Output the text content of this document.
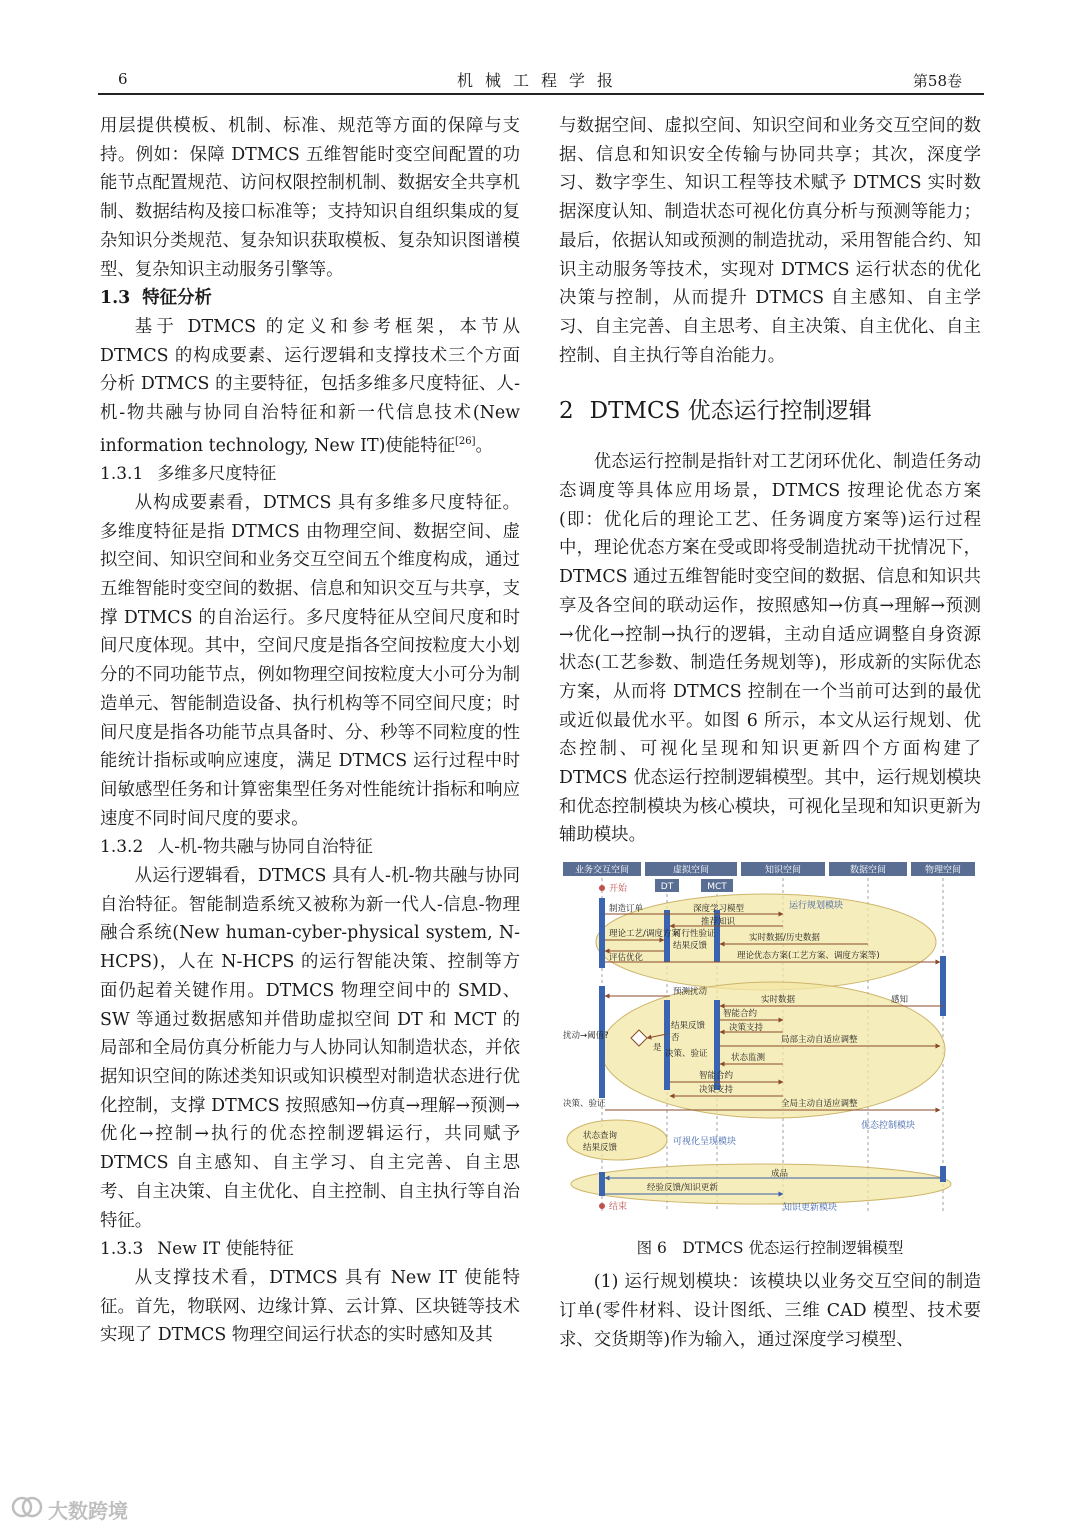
6	机械工程学报	第58卷

用层提供模板、机制、标准、规范等方面的保障与支持。例如：保障 DTMCS 五维智能时变空间配置的功能节点配置规范、访问权限控制机制、数据安全共享机制、数据结构及接口标准等；支持知识自组织集成的复杂知识分类规范、复杂知识获取模板、复杂知识图谱模型、复杂知识主动服务引擎等。

1.3 特征分析

基于 DTMCS 的定义和参考框架，本节从 DTMCS 的构成要素、运行逻辑和支撑技术三个方面分析 DTMCS 的主要特征，包括多维多尺度特征、人-机-物共融与协同自治特征和新一代信息技术(New information technology, New IT)使能特征[26]。

1.3.1 多维多尺度特征

从构成要素看，DTMCS 具有多维多尺度特征。多维度特征是指 DTMCS 由物理空间、数据空间、虚拟空间、知识空间和业务交互空间五个维度构成，通过五维智能时变空间的数据、信息和知识交互与共享，支撑 DTMCS 的自治运行。多尺度特征从空间尺度和时间尺度体现。其中，空间尺度是指各空间按粒度大小划分的不同功能节点，例如物理空间按粒度大小可分为制造单元、智能制造设备、执行机构等不同空间尺度；时间尺度是指各功能节点具备时、分、秒等不同粒度的性能统计指标或响应速度，满足 DTMCS 运行过程中时间敏感型任务和计算密集型任务对性能统计指标和响应速度不同时间尺度的要求。

1.3.2 人-机-物共融与协同自治特征

从运行逻辑看，DTMCS 具有人-机-物共融与协同自治特征。智能制造系统又被称为新一代人-信息-物理融合系统(New human-cyber-physical system, N-HCPS)，人在 N-HCPS 的运行智能决策、控制等方面仍起着关键作用。DTMCS 物理空间中的 SMD、SW 等通过数据感知并借助虚拟空间 DT 和 MCT 的局部和全局仿真分析能力与人协同认知制造状态，并依据知识空间的陈述类知识或知识模型对制造状态进行优化控制，支撑 DTMCS 按照感知→仿真→理解→预测→优化→控制→执行的优态控制逻辑运行，共同赋予 DTMCS 自主感知、自主学习、自主完善、自主思考、自主决策、自主优化、自主控制、自主执行等自治特征。

1.3.3 New IT 使能特征

从支撑技术看，DTMCS 具有 New IT 使能特征。首先，物联网、边缘计算、云计算、区块链等技术实现了 DTMCS 物理空间运行状态的实时感知及其

与数据空间、虚拟空间、知识空间和业务交互空间的数据、信息和知识安全传输与协同共享；其次，深度学习、数字孪生、知识工程等技术赋予 DTMCS 实时数据深度认知、制造状态可视化仿真分析与预测等能力；最后，依据认知或预测的制造扰动，采用智能合约、知识主动服务等技术，实现对 DTMCS 运行状态的优化决策与控制，从而提升 DTMCS 自主感知、自主学习、自主完善、自主思考、自主决策、自主优化、自主控制、自主执行等自治能力。

2 DTMCS 优态运行控制逻辑

优态运行控制是指针对工艺闭环优化、制造任务动态调度等具体应用场景，DTMCS 按理论优态方案(即：优化后的理论工艺、任务调度方案等)运行过程中，理论优态方案在受或即将受制造扰动干扰情况下，DTMCS 通过五维智能时变空间的数据、信息和知识共享及各空间的联动运作，按照感知→仿真→理解→预测→优化→控制→执行的逻辑，主动自适应调整自身资源状态(工艺参数、制造任务规划等)，形成新的实际优态方案，从而将 DTMCS 控制在一个当前可达到的最优或近似最优水平。如图 6 所示，本文从运行规划、优态控制、可视化呈现和知识更新四个方面构建了 DTMCS 优态运行控制逻辑模型。其中，运行规划模块和优态控制模块为核心模块，可视化呈现和知识更新为辅助模块。

业务交互空间	虚拟空间	知识空间	数据空间	物理空间
DT	MCT
开始
结束
制造订单	深度学习模型
推荐知识
理论工艺/调度方案
可行性验证
结果反馈
评估优化
实时数据/历史数据
理论优态方案(工艺方案、调度方案等)
运行规划模块
预测扰动
实时数据	感知
智能合约
结果反馈	决策支持
扰动→阈值?	否
是
决策、验证	状态监测
局部主动自适应调整
智能合约
决策支持
决策、验证	全局主动自适应调整
优态控制模块
状态查询
结果反馈
可视化呈现模块
成品
经验反馈/知识更新
知识更新模块

图 6　DTMCS 优态运行控制逻辑模型

(1) 运行规划模块：该模块以业务交互空间的制造订单(零件材料、设计图纸、三维 CAD 模型、技术要求、交货期等)作为输入，通过深度学习模型、

大数跨境
